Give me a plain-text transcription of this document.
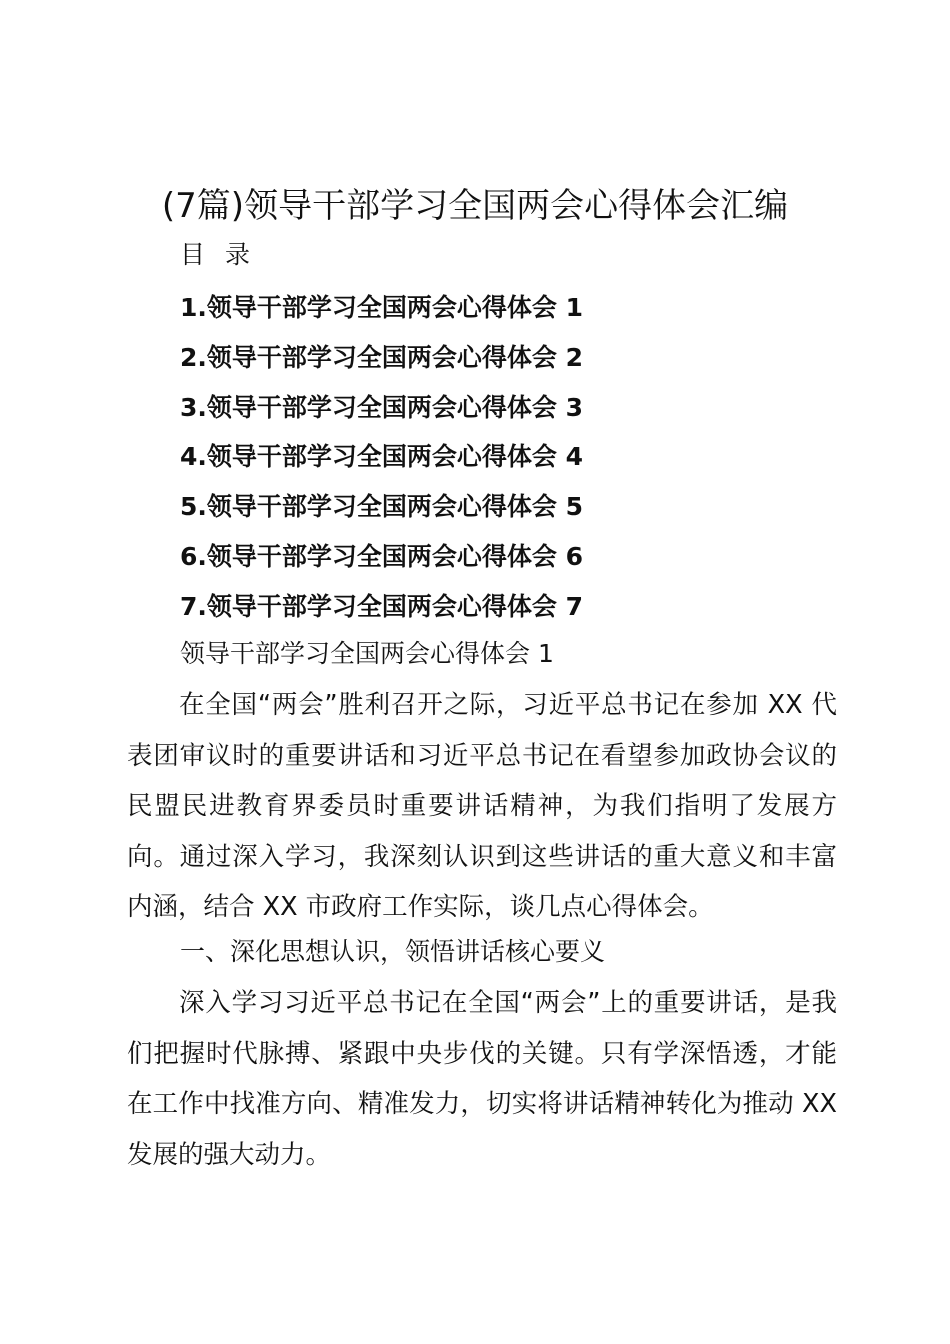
(7篇)领导干部学习全国两会心得体会汇编

目 录

1.领导干部学习全国两会心得体会 1
2.领导干部学习全国两会心得体会 2
3.领导干部学习全国两会心得体会 3
4.领导干部学习全国两会心得体会 4
5.领导干部学习全国两会心得体会 5
6.领导干部学习全国两会心得体会 6
7.领导干部学习全国两会心得体会 7

领导干部学习全国两会心得体会 1

在全国“两会”胜利召开之际，习近平总书记在参加 XX 代表团审议时的重要讲话和习近平总书记在看望参加政协会议的民盟民进教育界委员时重要讲话精神，为我们指明了发展方向。通过深入学习，我深刻认识到这些讲话的重大意义和丰富内涵，结合 XX 市政府工作实际，谈几点心得体会。

一、深化思想认识，领悟讲话核心要义

深入学习习近平总书记在全国“两会”上的重要讲话，是我们把握时代脉搏、紧跟中央步伐的关键。只有学深悟透，才能在工作中找准方向、精准发力，切实将讲话精神转化为推动 XX 发展的强大动力。
